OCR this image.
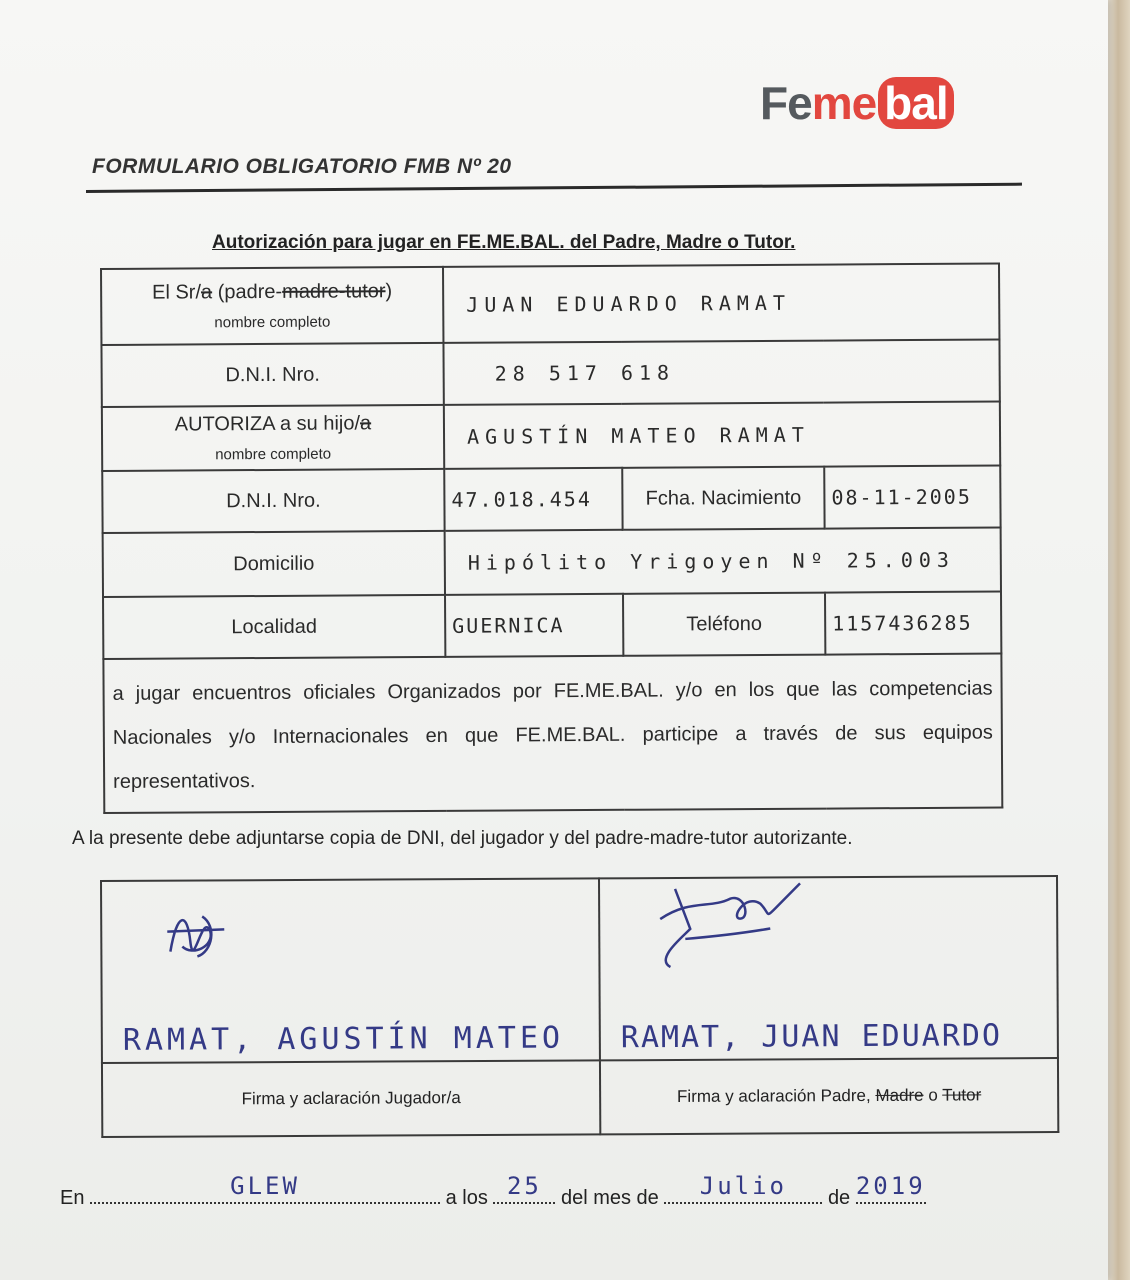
Feme bal
FORMULARIO OBLIGATORIO FMB Nº 20
Autorización para jugar en FE.ME.BAL. del Padre, Madre o Tutor.
El Sr/a (padre-madre-tutor)
nombre completo	JUAN EDUARDO RAMAT		
D.N.I. Nro.	28 517 618		
AUTORIZA a su hijo/a
nombre completo	AGUSTÍN MATEO RAMAT		
D.N.I. Nro.	47.018.454	Fcha. Nacimiento	08-11-2005
Domicilio	Hipólito Yrigoyen Nº 25.003		
Localidad	GUERNICA	Teléfono	1157436285
a jugar encuentros oficiales Organizados por FE.ME.BAL. y/o en los que las competencias Nacionales y/o Internacionales en que FE.ME.BAL. participe a través de sus equipos representativos.			
A la presente debe adjuntarse copia de DNI, del jugador y del padre-madre-tutor autorizante.
RAMAT, AGUSTÍN MATEO	RAMAT, JUAN EDUARDO

Firma y aclaración Jugador/a	Firma y aclaración Padre, Madre o Tutor
En	GLEW	a los 25 del mes de	Julio	de 2019
